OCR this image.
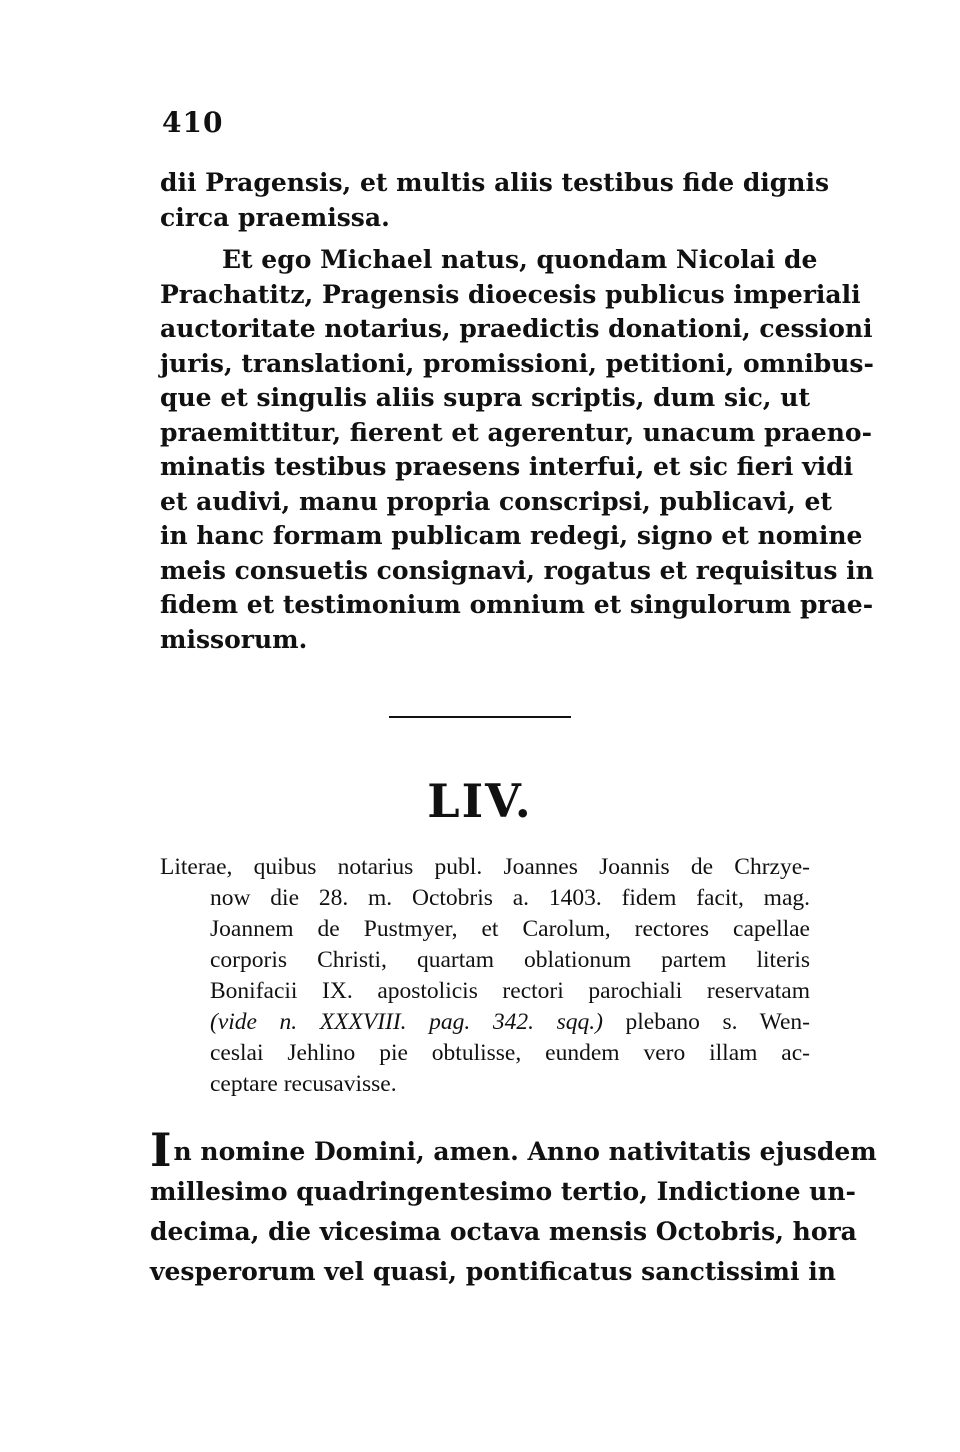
410
dii Pragensis, et multis aliis testibus fide dignis
circa praemissa.
Et ego Michael natus, quondam Nicolai de
Prachatitz, Pragensis dioecesis publicus imperiali
auctoritate notarius, praedictis donationi, cessioni
juris, translationi, promissioni, petitioni, omnibus-
que et singulis aliis supra scriptis, dum sic, ut
praemittitur, fierent et agerentur, unacum praeno-
minatis testibus praesens interfui, et sic fieri vidi
et audivi, manu propria conscripsi, publicavi, et
in hanc formam publicam redegi, signo et nomine
meis consuetis consignavi, rogatus et requisitus in
fidem et testimonium omnium et singulorum prae-
missorum.
LIV.
Literae, quibus notarius publ. Joannes Joannis de Chrzye-
now die 28. m. Octobris a. 1403. fidem facit, mag.
Joannem de Pustmyer, et Carolum, rectores capellae
corporis Christi, quartam oblationum partem literis
Bonifacii IX. apostolicis rectori parochiali reservatam
(vide n. XXXVIII. pag. 342. sqq.) plebano s. Wen-
ceslai Jehlino pie obtulisse, eundem vero illam ac-
ceptare recusavisse.
In nomine Domini, amen. Anno nativitatis ejusdem
millesimo quadringentesimo tertio, Indictione un-
decima, die vicesima octava mensis Octobris, hora
vesperorum vel quasi, pontificatus sanctissimi in
